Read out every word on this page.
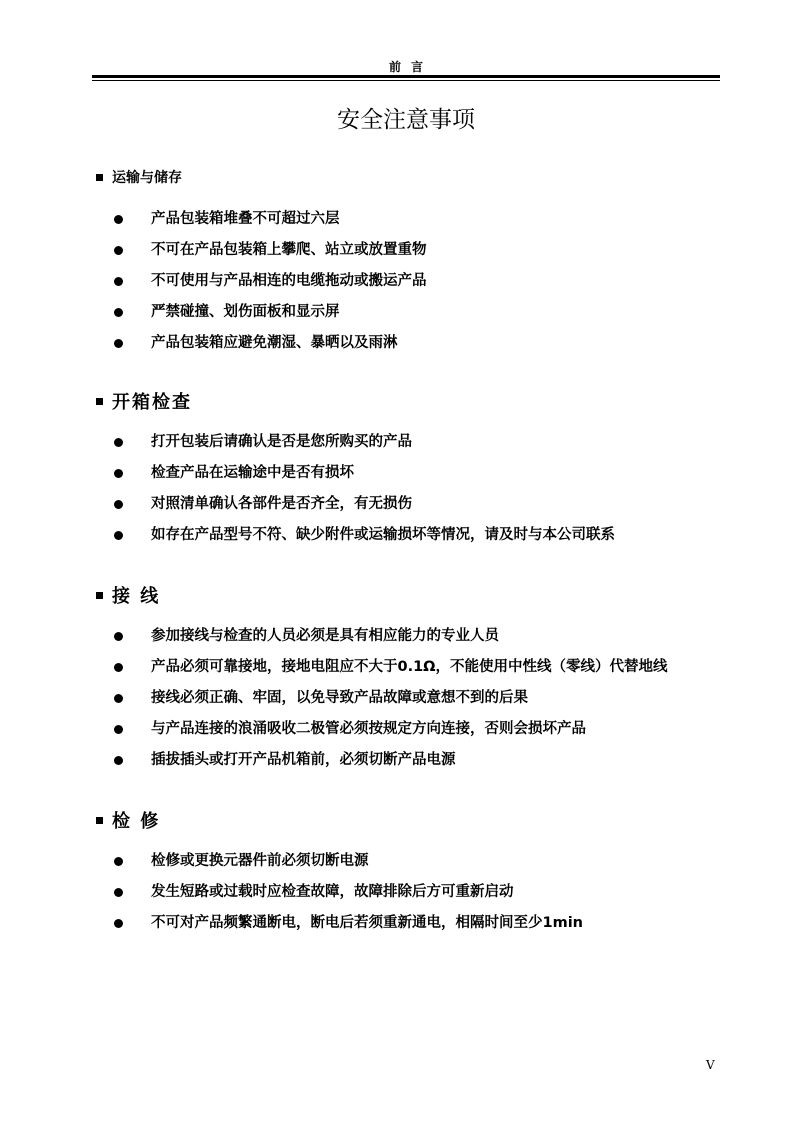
前言
安全注意事项
运输与储存
产品包装箱堆叠不可超过六层
不可在产品包装箱上攀爬、站立或放置重物
不可使用与产品相连的电缆拖动或搬运产品
严禁碰撞、划伤面板和显示屏
产品包装箱应避免潮湿、暴晒以及雨淋
开箱检查
打开包装后请确认是否是您所购买的产品
检查产品在运输途中是否有损坏
对照清单确认各部件是否齐全，有无损伤
如存在产品型号不符、缺少附件或运输损坏等情况，请及时与本公司联系
接 线
参加接线与检查的人员必须是具有相应能力的专业人员
产品必须可靠接地，接地电阻应不大于0.1Ω，不能使用中性线（零线）代替地线
接线必须正确、牢固，以免导致产品故障或意想不到的后果
与产品连接的浪涌吸收二极管必须按规定方向连接，否则会损坏产品
插拔插头或打开产品机箱前，必须切断产品电源
检 修
检修或更换元器件前必须切断电源
发生短路或过载时应检查故障，故障排除后方可重新启动
不可对产品频繁通断电，断电后若须重新通电，相隔时间至少1min
V
